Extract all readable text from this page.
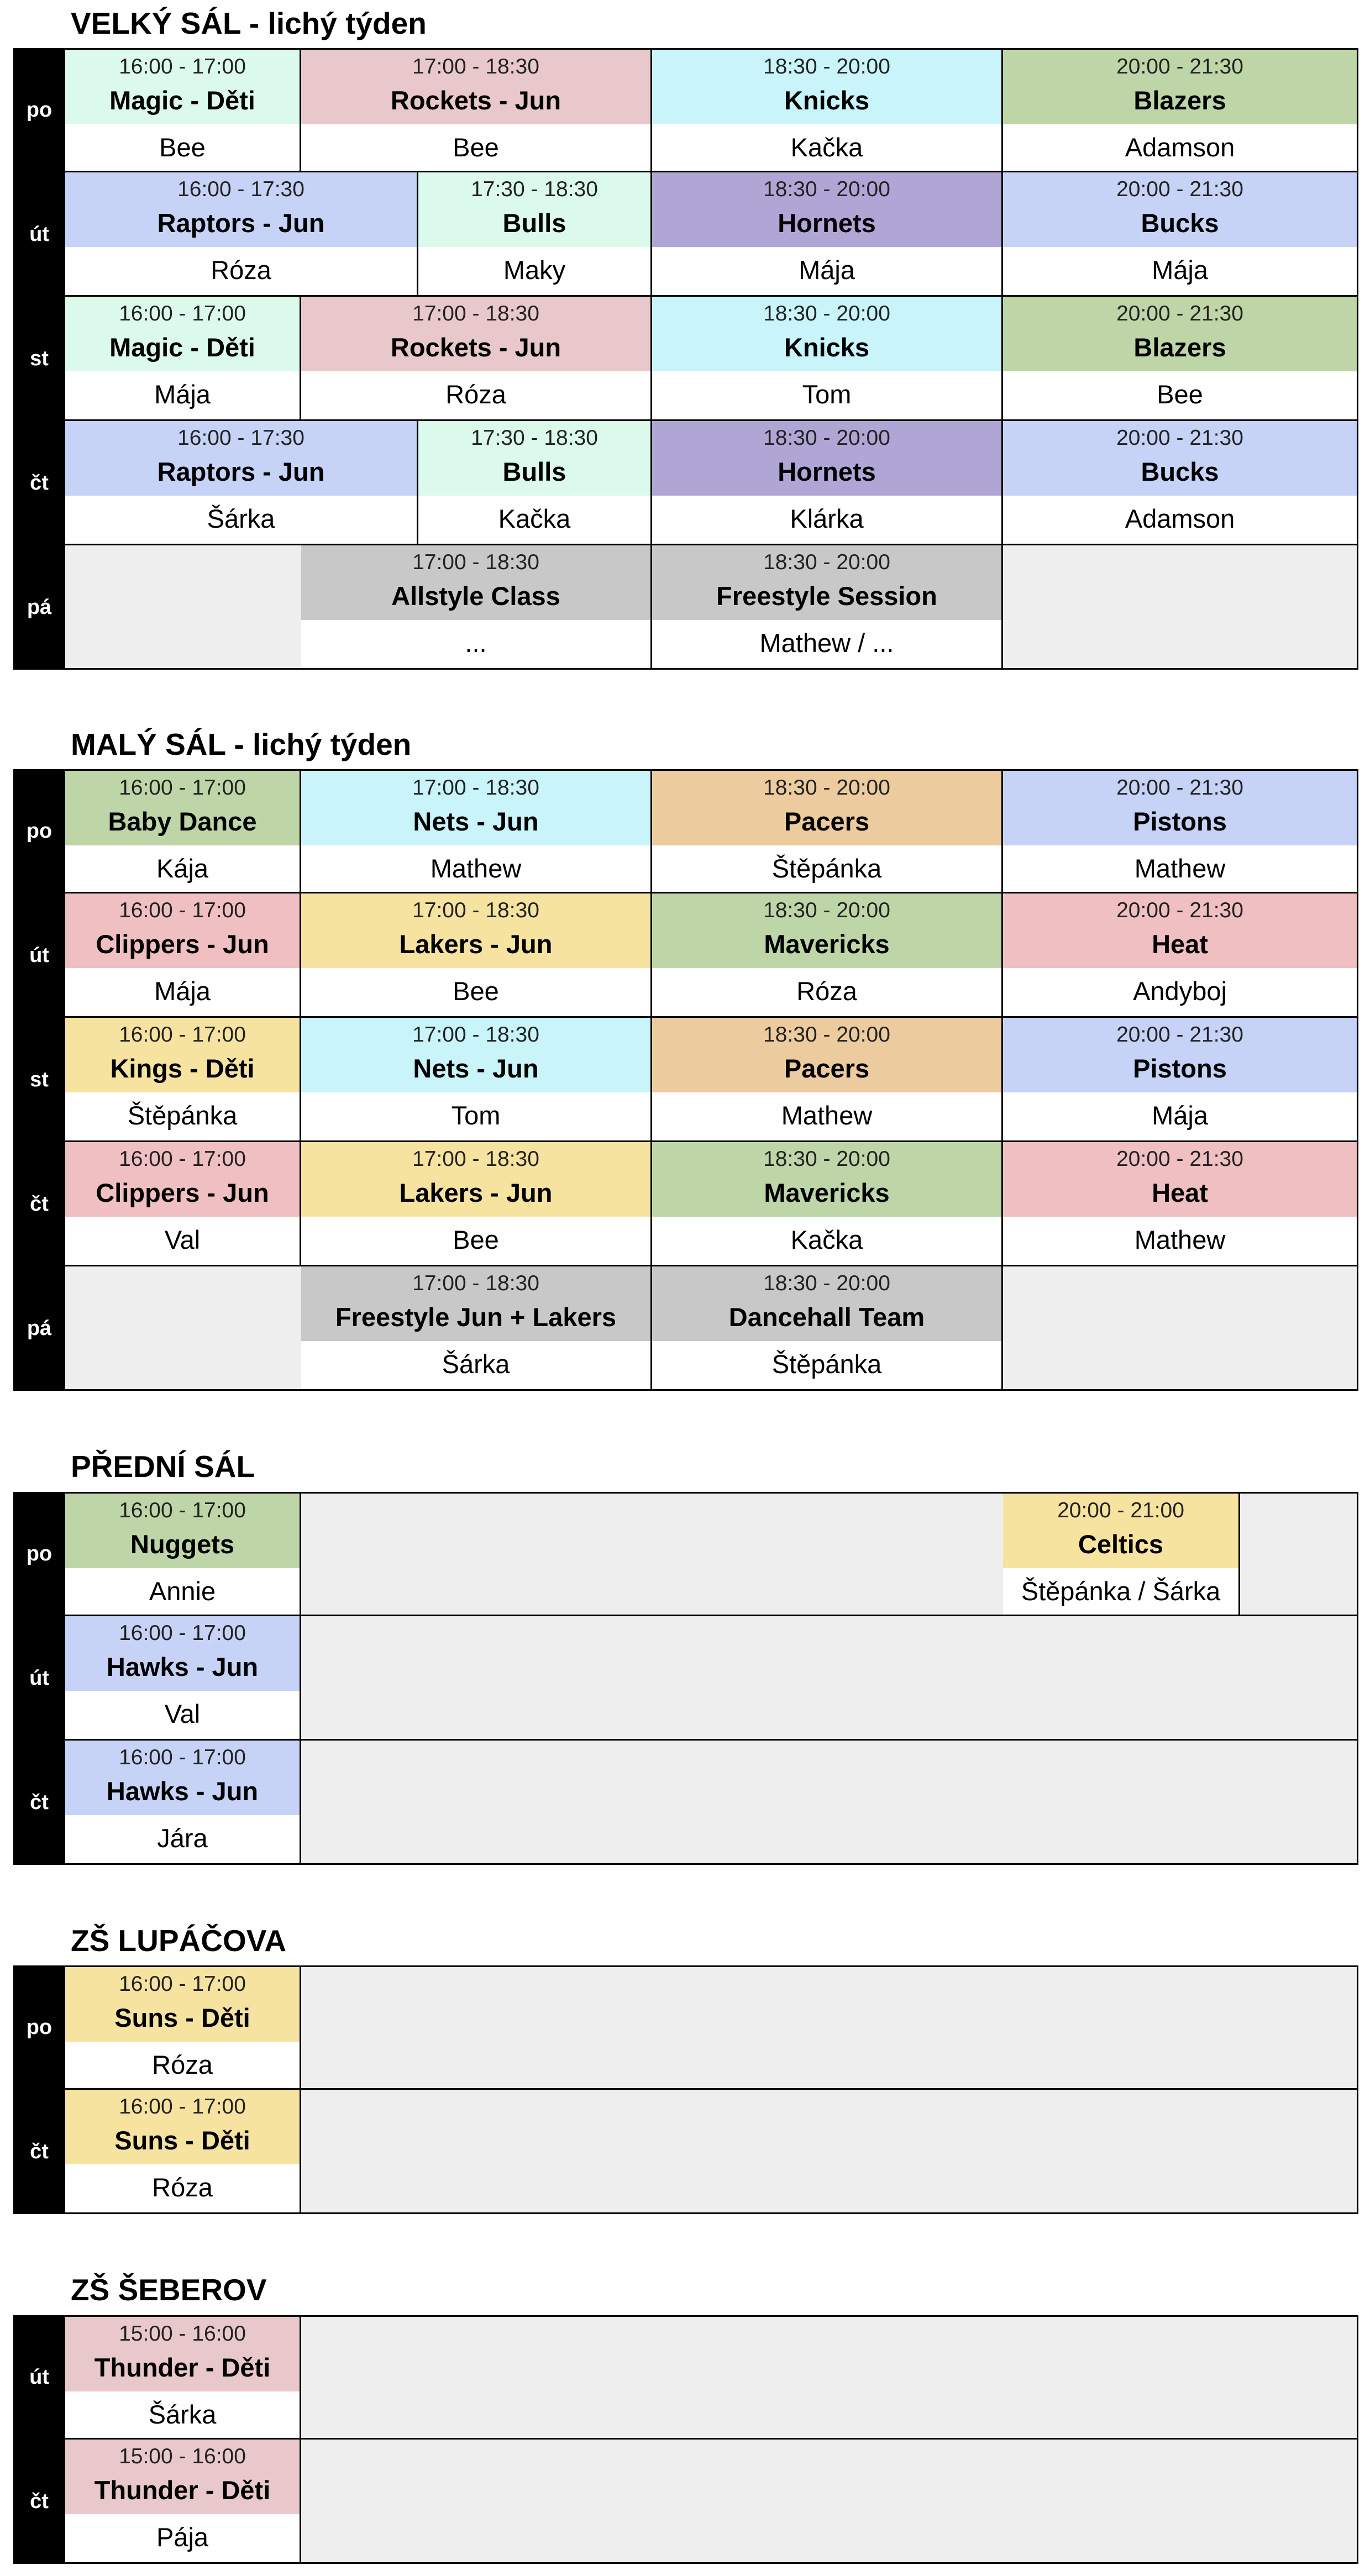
VELKÝ SÁL - lichý týden
po
16:00 - 17:00
Magic - Děti
Bee
17:00 - 18:30
Rockets - Jun
Bee
18:30 - 20:00
Knicks
Kačka
20:00 - 21:30
Blazers
Adamson
út
16:00 - 17:30
Raptors - Jun
Róza
17:30 - 18:30
Bulls
Maky
18:30 - 20:00
Hornets
Mája
20:00 - 21:30
Bucks
Mája
st
16:00 - 17:00
Magic - Děti
Mája
17:00 - 18:30
Rockets - Jun
Róza
18:30 - 20:00
Knicks
Tom
20:00 - 21:30
Blazers
Bee
čt
16:00 - 17:30
Raptors - Jun
Šárka
17:30 - 18:30
Bulls
Kačka
18:30 - 20:00
Hornets
Klárka
20:00 - 21:30
Bucks
Adamson
pá
17:00 - 18:30
Allstyle Class
...
18:30 - 20:00
Freestyle Session
Mathew / ...
MALÝ SÁL - lichý týden
po
16:00 - 17:00
Baby Dance
Kája
17:00 - 18:30
Nets - Jun
Mathew
18:30 - 20:00
Pacers
Štěpánka
20:00 - 21:30
Pistons
Mathew
út
16:00 - 17:00
Clippers - Jun
Mája
17:00 - 18:30
Lakers - Jun
Bee
18:30 - 20:00
Mavericks
Róza
20:00 - 21:30
Heat
Andyboj
st
16:00 - 17:00
Kings - Děti
Štěpánka
17:00 - 18:30
Nets - Jun
Tom
18:30 - 20:00
Pacers
Mathew
20:00 - 21:30
Pistons
Mája
čt
16:00 - 17:00
Clippers - Jun
Val
17:00 - 18:30
Lakers - Jun
Bee
18:30 - 20:00
Mavericks
Kačka
20:00 - 21:30
Heat
Mathew
pá
17:00 - 18:30
Freestyle Jun + Lakers
Šárka
18:30 - 20:00
Dancehall Team
Štěpánka
PŘEDNÍ SÁL
po
16:00 - 17:00
Nuggets
Annie
20:00 - 21:00
Celtics
Štěpánka / Šárka
út
16:00 - 17:00
Hawks - Jun
Val
čt
16:00 - 17:00
Hawks - Jun
Jára
ZŠ LUPÁČOVA
po
16:00 - 17:00
Suns - Děti
Róza
čt
16:00 - 17:00
Suns - Děti
Róza
ZŠ ŠEBEROV
út
15:00 - 16:00
Thunder - Děti
Šárka
čt
15:00 - 16:00
Thunder - Děti
Pája
